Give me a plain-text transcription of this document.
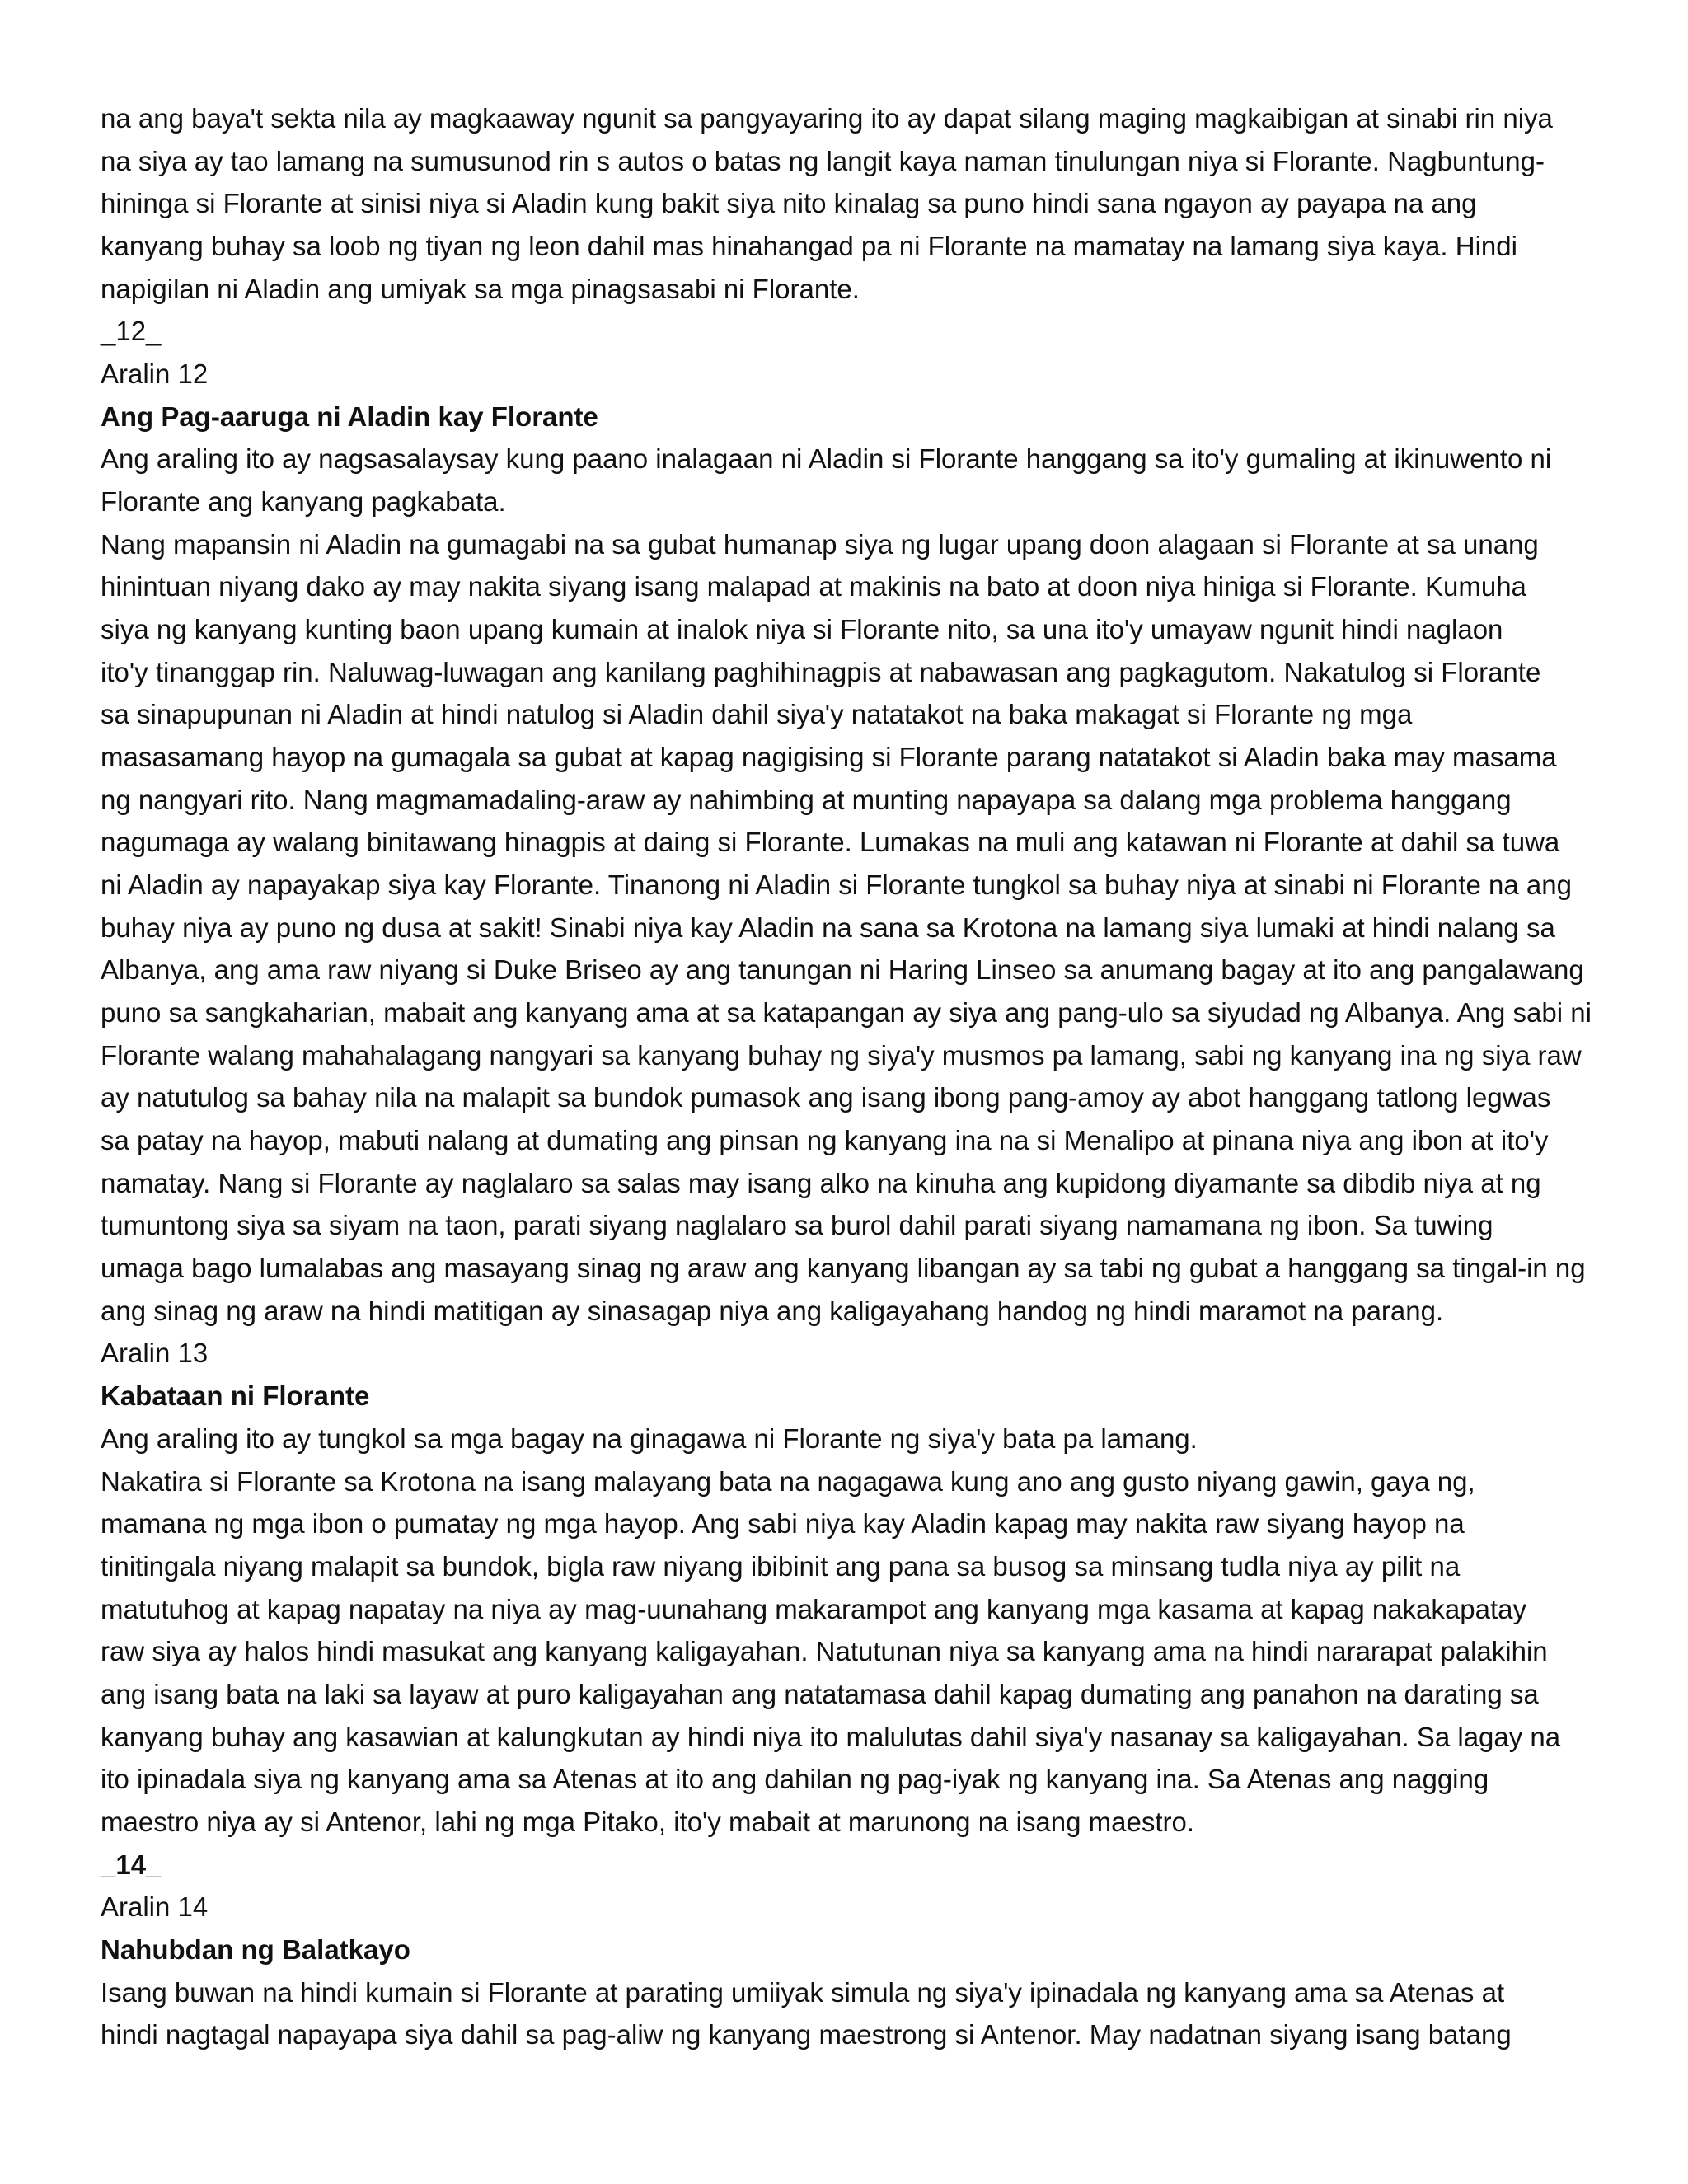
na ang baya't sekta nila ay magkaaway ngunit sa pangyayaring ito ay dapat silang maging magkaibigan at sinabi rin niya
na siya ay tao lamang na sumusunod rin s autos o batas ng langit kaya naman tinulungan niya si Florante. Nagbuntung-
hininga si Florante at sinisi niya si Aladin kung bakit siya nito kinalag sa puno hindi sana ngayon ay payapa na ang
kanyang buhay sa loob ng tiyan ng leon dahil mas hinahangad pa ni Florante na mamatay na lamang siya kaya. Hindi
napigilan ni Aladin ang umiyak sa mga pinagsasabi ni Florante.
_12_
Aralin 12
Ang Pag-aaruga ni Aladin kay Florante
Ang araling ito ay nagsasalaysay kung paano inalagaan ni Aladin si Florante hanggang sa ito'y gumaling at ikinuwento ni
Florante ang kanyang pagkabata.
Nang mapansin ni Aladin na gumagabi na sa gubat humanap siya ng lugar upang doon alagaan si Florante at sa unang
hinintuan niyang dako ay may nakita siyang isang malapad at makinis na bato at doon niya hiniga si Florante. Kumuha
siya ng kanyang kunting baon upang kumain at inalok niya si Florante nito, sa una ito'y umayaw ngunit hindi naglaon
ito'y tinanggap rin. Naluwag-luwagan ang kanilang paghihinagpis at nabawasan ang pagkagutom. Nakatulog si Florante
sa sinapupunan ni Aladin at hindi natulog si Aladin dahil siya'y natatakot na baka makagat si Florante ng mga
masasamang hayop na gumagala sa gubat at kapag nagigising si Florante parang natatakot si Aladin baka may masama
ng nangyari rito. Nang magmamadaling-araw ay nahimbing at munting napayapa sa dalang mga problema hanggang
nagumaga ay walang binitawang hinagpis at daing si Florante. Lumakas na muli ang katawan ni Florante at dahil sa tuwa
ni Aladin ay napayakap siya kay Florante. Tinanong ni Aladin si Florante tungkol sa buhay niya at sinabi ni Florante na ang
buhay niya ay puno ng dusa at sakit! Sinabi niya kay Aladin na sana sa Krotona na lamang siya lumaki at hindi nalang sa
Albanya, ang ama raw niyang si Duke Briseo ay ang tanungan ni Haring Linseo sa anumang bagay at ito ang pangalawang
puno sa sangkaharian, mabait ang kanyang ama at sa katapangan ay siya ang pang-ulo sa siyudad ng Albanya. Ang sabi ni
Florante walang mahahalagang nangyari sa kanyang buhay ng siya'y musmos pa lamang, sabi ng kanyang ina ng siya raw
ay natutulog sa bahay nila na malapit sa bundok pumasok ang isang ibong pang-amoy ay abot hanggang tatlong legwas
sa patay na hayop, mabuti nalang at dumating ang pinsan ng kanyang ina na si Menalipo at pinana niya ang ibon at ito'y
namatay. Nang si Florante ay naglalaro sa salas may isang alko na kinuha ang kupidong diyamante sa dibdib niya at ng
tumuntong siya sa siyam na taon, parati siyang naglalaro sa burol dahil parati siyang namamana ng ibon. Sa tuwing
umaga bago lumalabas ang masayang sinag ng araw ang kanyang libangan ay sa tabi ng gubat a hanggang sa tingal-in ng
ang sinag ng araw na hindi matitigan ay sinasagap niya ang kaligayahang handog ng hindi maramot na parang.
Aralin 13
Kabataan ni Florante
Ang araling ito ay tungkol sa mga bagay na ginagawa ni Florante ng siya'y bata pa lamang.
Nakatira si Florante sa Krotona na isang malayang bata na nagagawa kung ano ang gusto niyang gawin, gaya ng,
mamana ng mga ibon o pumatay ng mga hayop. Ang sabi niya kay Aladin kapag may nakita raw siyang hayop na
tinitingala niyang malapit sa bundok, bigla raw niyang ibibinit ang pana sa busog sa minsang tudla niya ay pilit na
matutuhog at kapag napatay na niya ay mag-uunahang makarampot ang kanyang mga kasama at kapag nakakapatay
raw siya ay halos hindi masukat ang kanyang kaligayahan. Natutunan niya sa kanyang ama na hindi nararapat palakihin
ang isang bata na laki sa layaw at puro kaligayahan ang natatamasa dahil kapag dumating ang panahon na darating sa
kanyang buhay ang kasawian at kalungkutan ay hindi niya ito malulutas dahil siya'y nasanay sa kaligayahan. Sa lagay na
ito ipinadala siya ng kanyang ama sa Atenas at ito ang dahilan ng pag-iyak ng kanyang ina. Sa Atenas ang nagging
maestro niya ay si Antenor, lahi ng mga Pitako, ito'y mabait at marunong na isang maestro.
_14_
Aralin 14
Nahubdan ng Balatkayo
Isang buwan na hindi kumain si Florante at parating umiiyak simula ng siya'y ipinadala ng kanyang ama sa Atenas at
hindi nagtagal napayapa siya dahil sa pag-aliw ng kanyang maestrong si Antenor. May nadatnan siyang isang batang
